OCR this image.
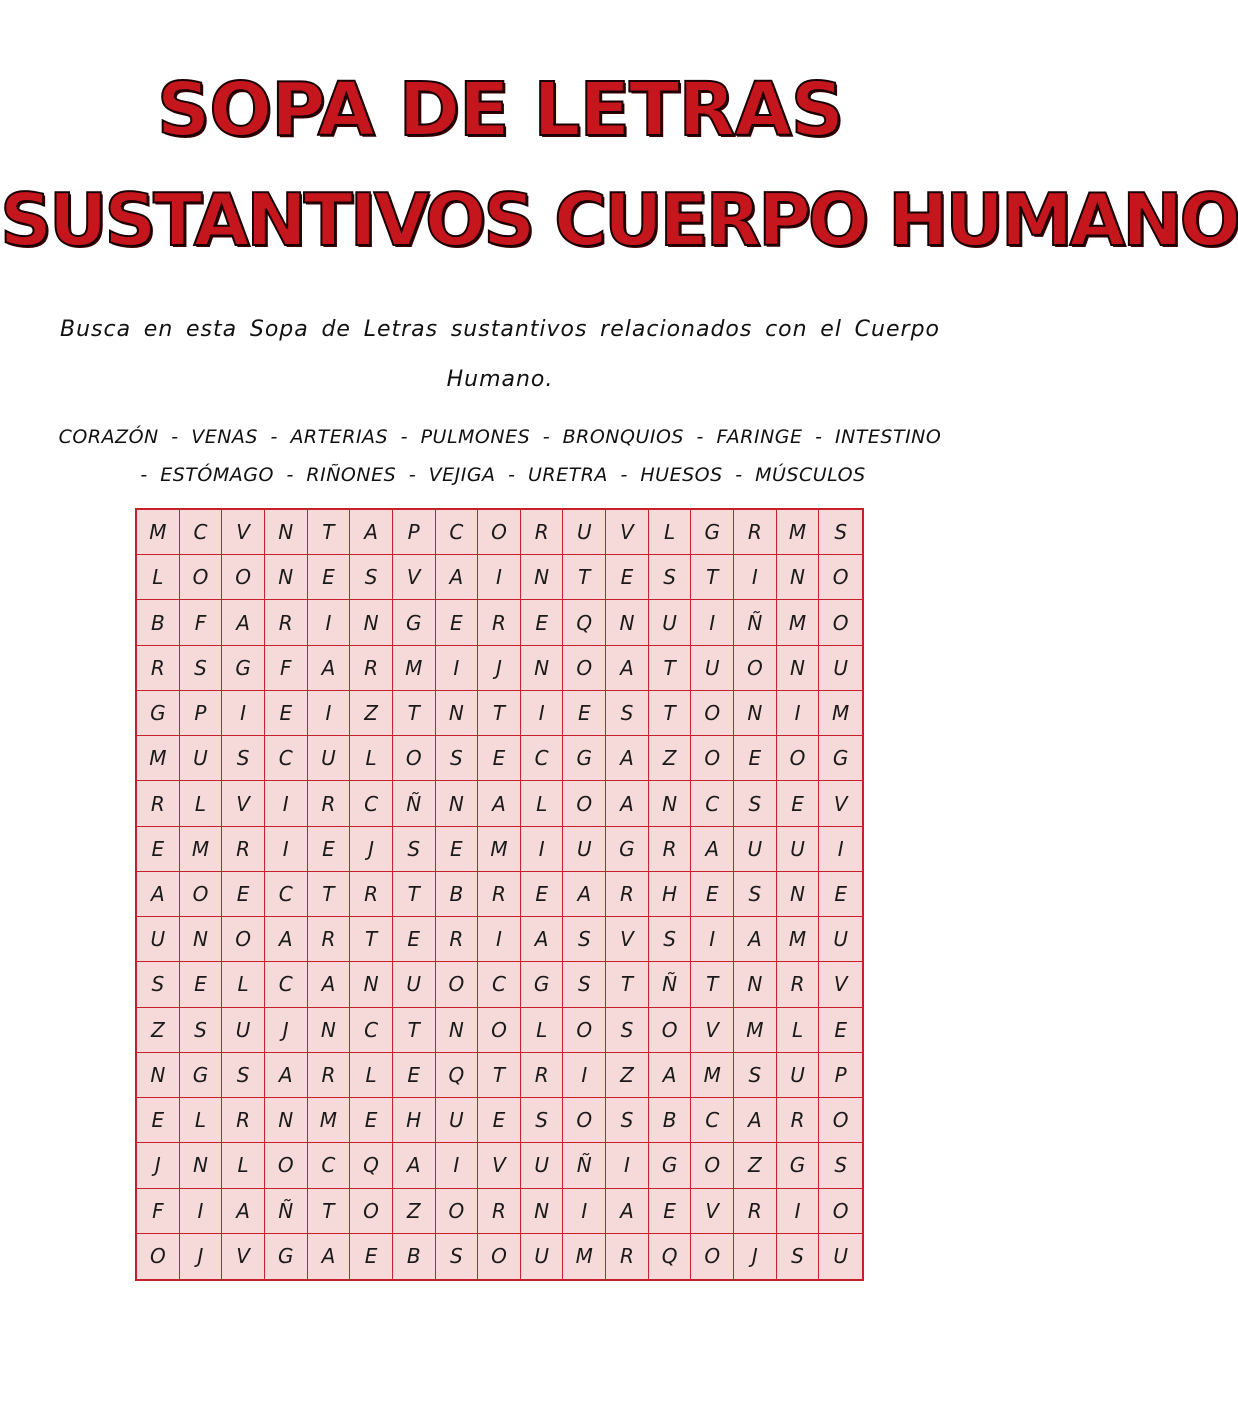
SOPA DE LETRAS
SUSTANTIVOS CUERPO HUMANO
Busca en esta Sopa de Letras sustantivos relacionados con el Cuerpo Humano.
CORAZÓN - VENAS - ARTERIAS - PULMONES - BRONQUIOS - FARINGE - INTESTINO - ESTÓMAGO - RIÑONES - VEJIGA - URETRA - HUESOS - MÚSCULOS
M	C	V	N	T	A	P	C	O	R	U	V	L	G	R	M	S
L	O	O	N	E	S	V	A	I	N	T	E	S	T	I	N	O
B	F	A	R	I	N	G	E	R	E	Q	N	U	I	Ñ	M	O
R	S	G	F	A	R	M	I	J	N	O	A	T	U	O	N	U
G	P	I	E	I	Z	T	N	T	I	E	S	T	O	N	I	M
M	U	S	C	U	L	O	S	E	C	G	A	Z	O	E	O	G
R	L	V	I	R	C	Ñ	N	A	L	O	A	N	C	S	E	V
E	M	R	I	E	J	S	E	M	I	U	G	R	A	U	U	I
A	O	E	C	T	R	T	B	R	E	A	R	H	E	S	N	E
U	N	O	A	R	T	E	R	I	A	S	V	S	I	A	M	U
S	E	L	C	A	N	U	O	C	G	S	T	Ñ	T	N	R	V
Z	S	U	J	N	C	T	N	O	L	O	S	O	V	M	L	E
N	G	S	A	R	L	E	Q	T	R	I	Z	A	M	S	U	P
E	L	R	N	M	E	H	U	E	S	O	S	B	C	A	R	O
J	N	L	O	C	Q	A	I	V	U	Ñ	I	G	O	Z	G	S
F	I	A	Ñ	T	O	Z	O	R	N	I	A	E	V	R	I	O
O	J	V	G	A	E	B	S	O	U	M	R	Q	O	J	S	U
